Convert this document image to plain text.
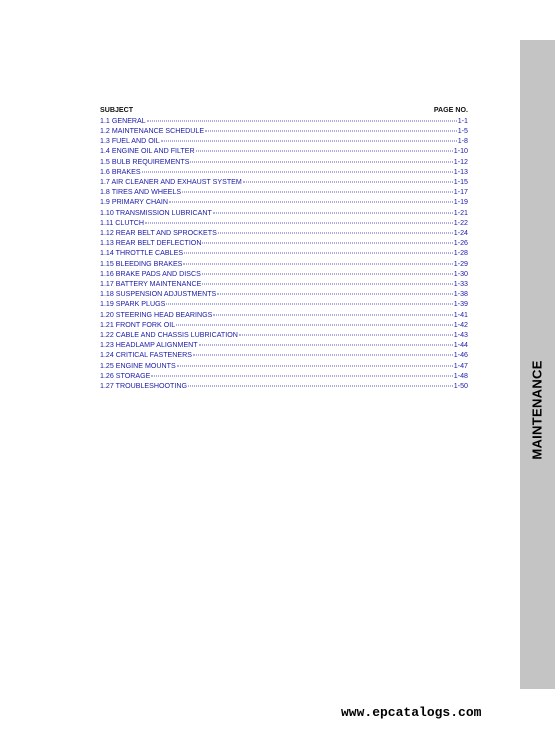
SUBJECT	PAGE NO.
1.1 GENERAL	1-1
1.2 MAINTENANCE SCHEDULE	1-5
1.3 FUEL AND OIL	1-8
1.4 ENGINE OIL AND FILTER	1-10
1.5 BULB REQUIREMENTS	1-12
1.6 BRAKES	1-13
1.7 AIR CLEANER AND EXHAUST SYSTEM	1-15
1.8 TIRES AND WHEELS	1-17
1.9 PRIMARY CHAIN	1-19
1.10 TRANSMISSION LUBRICANT	1-21
1.11 CLUTCH	1-22
1.12 REAR BELT AND SPROCKETS	1-24
1.13 REAR BELT DEFLECTION	1-26
1.14 THROTTLE CABLES	1-28
1.15 BLEEDING BRAKES	1-29
1.16 BRAKE PADS AND DISCS	1-30
1.17 BATTERY MAINTENANCE	1-33
1.18 SUSPENSION ADJUSTMENTS	1-38
1.19 SPARK PLUGS	1-39
1.20 STEERING HEAD BEARINGS	1-41
1.21 FRONT FORK OIL	1-42
1.22 CABLE AND CHASSIS LUBRICATION	1-43
1.23 HEADLAMP ALIGNMENT	1-44
1.24 CRITICAL FASTENERS	1-46
1.25 ENGINE MOUNTS	1-47
1.26 STORAGE	1-48
1.27 TROUBLESHOOTING	1-50	MAINTENANCE
www.epcatalogs.com
